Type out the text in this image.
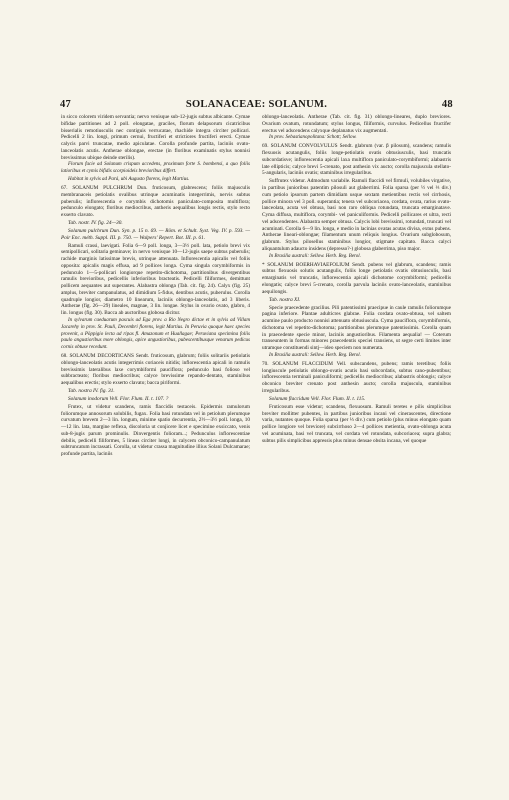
47	SOLANACEAE: SOLANUM.	48

in sicco colorem viridem servantia; nervo venisque sub-12-jugis subtus albicante. Cymae bifidae partitiones ad 2 poll. elongatae, graciles, florum delapsorum cicatricibus bisserialis remotiusculis nec contiguis verrucatae, rhachide integra circiter pollicari. Pedicelli 2 lin. longi, primum cernui, fructiferi et strictiores fructiferi erecti. Cymae calycis parvi truncatae, medio apiculatae. Corolla profunde partita, laciniis ovato-lanceolatis acutis. Antherae oblongae, erectae (in floribus examinatis stylus nonnisi brevissimus ubique deinde sterilis).

Florum facie ad Solanum crispum accedens, proximum forte S. bombensi, a quo foliis latioribus et cymis bifidis scorpioideis brevioribus differt.

Habitat in sylvis ad Pará, ubi Augusto florens, legit Martius.

67. SOLANUM PULCHRUM Dun. fruticosum, glabrescens; foliis majusculis membranaceis petiolatis ovalibus utrinque acuminatis integerrimis, nervis subtus puberulis; inflorescentia e corymbis dichotomis paniculato-composita multiflora; pedunculo elongato; floribus mediocribus, antheris aequalibus longis rectis, stylo recto exserto clavato.

Tab. nostr. IV. fig. 24—30.

Solanum pulchrum Dun. Syn. p. 15 n. 69. — Röm. et Schult. Syst. Veg. IV. p. 593. — Poir Enc. méth. Suppl. III. p. 750. — Walpers' Repert. Bot. III. p. 61.

Ramuli crassi, laevigati. Folia 6—9 poll. longa, 3—3½ poll. lata, petiolo brevi vix semipollicari, solitaria geminave; in nervo venisque 10—12-jugis saepe subtus puberulis; rachide marginis latissimae brevis, utrinque attenuata. Inflorescentia apicalis vel foliis opposita: apicalis magis effusa, ad 9 pollices longa. Cyma singula corymbiformis in pedunculo 1—5-pollicari longiorque repetito-dichotoma, partitionibus divergentibus ramulis brevioribus, pedicellis inferioribus bracteatis. Pedicelli filiformes, demittunt pollicem aequantes aut superantes. Alabastra oblonga (Tab. cit. fig. 24). Calyx (fig. 25) amplus, breviter campanulatus, ad dimidium 5-fidus, dentibus acutis, puberulus. Corolla quadruple longior, diametro 10 linearum, laciniis oblongo-lanceolatis, ad 3 liberis. Antherae (fig. 26—29) lineales, magnae, 3 lin. longae. Stylus in ovario ovato, glabro, 4 lin. longus (fig. 30). Bacca ab auctoribus globosa dicitur.

In sylvarum caeduarum pascuis ad Ega prov. a Rio Negro dictae et in sylvis ad Villam Jacarehy in prov. St. Pauli, Decembri florens, legit Martius. In Peruvia quoque haec species provenit, a Pöppigio lecta ad ripas fl. Amazonum et Huallagae; Peruviana specimina foliis paulo angustioribus more oblongis, apice angustioribus, pubescentibusque venarum pedicus cornis obtuse recedunt.

68. SOLANUM DECORTICANS Sendt. fruticosum, glabrum; foliis solitariis petiolatis oblongo-lanceolatis acutis integerrimis coriaceis nitidis; inflorescentia apicali in ramulis brevissimis lateralibus laxe corymbiformi pauciflora; pedunculo basi folioso vel subbracteato; floribus mediocribus; calyce brevissime repando-dentato, staminibus aequalibus erectis; stylo exserto clavato; bacca piriformi.

Tab. nostra IV. fig. 31.

Solanum inodorum Vell. Flor. Flum. II. t. 107. ?

Frutex, ut videtur scandens, ramis flaccidis testaceis. Epidermis ramulorum foliorumque annosorum solubilis, fugax. Folia basi rotundata vel in petiolum plerumque curvatum brevem 2—3 lin. longum, minime spatio decurrentia, 2½—3½ poll. longa, 10—12 lin. lata, margine reflexa, discoloria ut conjicere licet e specimine exsiccato, venis sub-8-jugis parum prominulis. Dinvergentis folioram...; Pedunculus inflorescentiae debilis, pedicelli filiformes, 5 lineas circiter longi, in calycem obconico-campanulatum subtruncatum incrassati. Corolla, ut videtur crassa magnitudine illius Solani Dulcamarae; profunde partita, laciniis

oblongo-lanceolatis. Antherae (Tab. cit. fig. 31) oblongo-lineares, duplo breviores. Ovarium ovatum, rotundatum; stylus longus, filiformis, curvulus. Pedicellus fructifer erectus vel adscendens calyxque deplanatus vix augmentati.

In prov. Sebastianopolitana: Schott; Sellow.

69. SOLANUM CONVOLVULUS Sendt. glabrum (var. β pilosum), scandens; ramulis flexuosis acutangulis, foliis longe-petiolatis ovatis obtusiusculis, basi truncatis subcordatisve; inflorescentia apicali laxa multiflora paniculato-corymbiformi; alabastris late ellipticis; calyce brevi 5-crenato, post anthesin vix aucto; corolla majuscula stellato-5-angularis, laciniis ovatis; staminibus irregularibus.

Suffrutex videtur. Admodum variabile. Ramuli flaccidi vel firmuli, volubiles virgative, in partibus junioribus patentim pilosuli aut glaberrimi. Folia sparsa (per ½ vel ⅓ div.) cum petiolo ipsorum partem dimidiam usque sextam metientibus rectis vel cirrhosis, pollice minora vel 3 poll. superantia; tenera vel subcoriacea, cordata, ovata, rarius ovato-lanceolata, acuta vel obtusa, basi non raro obliqua rotundata, truncata emarginatave. Cyma diffusa, multiflora, corymbi- vel paniculiformis. Pedicelli pollicares et ultra, recti vel adscendentes. Alabastra semper obtusa. Calycis lobi brevissimi, rotundati, truncati vel acuminati. Corolla 6—9 lin. longa, e medio in lacinias ovatas acutas divisa, extus pubens. Antherae lineari-oblongae; filamentum unum reliquis longius. Ovarium subglobosum, glabrum. Stylus pilosellus staminibus longior, stigmate capitato. Bacca calyci aliquantulum adaucto insidens (depresso?-) globosa glaberrima, piso major.

In Brasilia australi: Sellow. Herb. Reg. Berol.

* SOLANUM BOERHAVIAEFOLIUM Sendt. pubens vel glabrum, scandens; ramis subtus flexuosis solutis acutangulis, foliis longe petiolatis ovatis obtusiusculis, basi emarginatis vel truncatis, inflorescentia apicali dichotome corymbiformi; pedicellis elongatis; calyce brevi 5-crenato, corolla parvula laciniis ovato-lanceolatis, staminibus aequilongis.

Tab. nostra XI.

Specie praecedente gracilius. Pili patentissimi praecipue in caule ramulis foliorumque pagina inferiore. Plantae adulticres glabrae. Folia cordata ovato-obtusa, vel saltem acumine paulo producto nonnisi attenuato obtusiuscula. Cyma pauciflora, corymbiformis, dichotoma vel repetito-dichotoma; partitionibus plerumque patentissimis. Corolla quam in praecedente specie minor, laciniis angustioribus. Filamenta aequalia! — Coterum transeuntem in formas minores praecedentis speciei transiens, ut segre certi limites inter utramque constituendi sintj—ideo speciem non numerata.

In Brasilia australi: Sellow. Herb. Reg. Berol.

70. SOLANUM FLACCIDUM Vell. subscandens, pubens; ramis teretibus; foliis longiuscule petiolatis oblongo-ovatis acutis basi subcordatis, subtus cano-pubentibus; inflorescentia terminali paniculiformi; pedicellis mediocribus; alabastris oblongis; calyce obconico breviter crenato post anthesin aucto; corolla majuscula, staminibus irregularibus.

Solanum flaccidum Vell. Flor. Flum. II. t. 115.

Fruticosum esse videtur; scandens, flexuosum. Ramuli teretes e pilis simplicibus breviter mollitter pubentes, in partibus junioribus incani vel cinerascentes, directione varia, nutantes quoque. Folia sparsa (per ⅓ div.) cum petiolo (plus minus elongato quam pollice longiore vel breviore) subcirrhoso 2—4 pollices metientia, ovato-oblonga acuta vel acuminata, basi vel truncata, vel cordata vel rotundata, subcoriacea; supra glabra; subtus pilis simplicibus appressis plus minus densae obsita incana, vel quoque
